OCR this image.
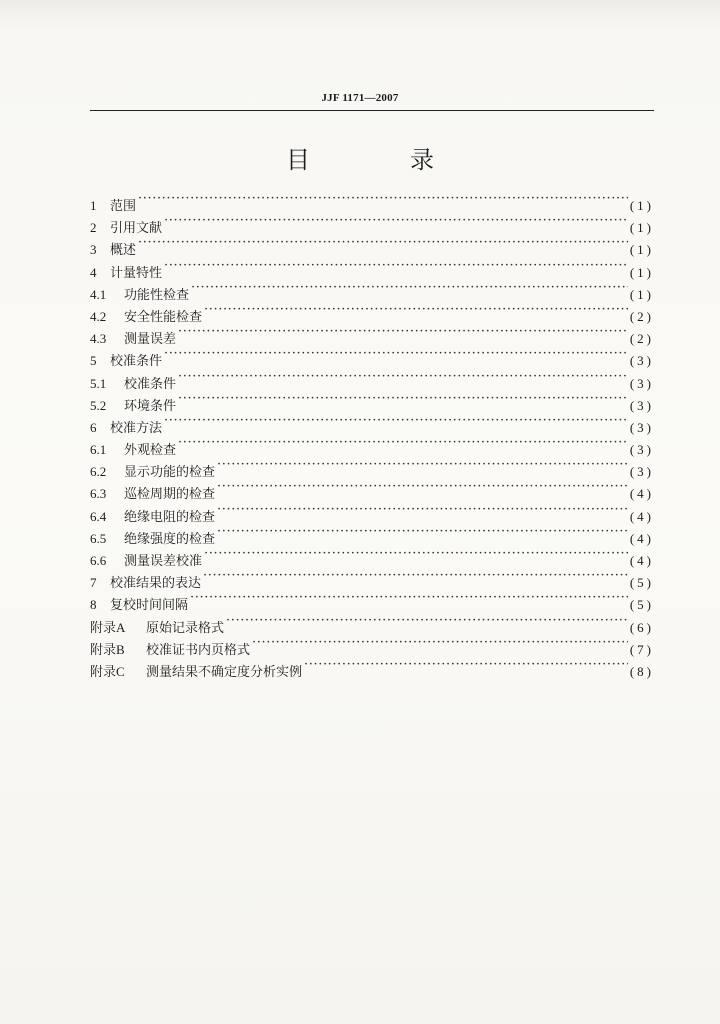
JJF 1171—2007
目　录
1	范围 ·····	(1)
2	引用文献 ·····	(1)
3	概述 ·····	(1)
4	计量特性 ·····	(1)
4.1	功能性检查 ·····	(1)
4.2	安全性能检查 ·····	(2)
4.3	测量误差 ·····	(2)
5	校准条件 ·····	(3)
5.1	校准条件 ·····	(3)
5.2	环境条件 ·····	(3)
6	校准方法 ·····	(3)
6.1	外观检查 ·····	(3)
6.2	显示功能的检查 ·····	(3)
6.3	巡检周期的检查 ·····	(4)
6.4	绝缘电阻的检查 ·····	(4)
6.5	绝缘强度的检查 ·····	(4)
6.6	测量误差校准 ·····	(4)
7	校准结果的表达 ·····	(5)
8	复校时间间隔 ·····	(5)
附录A	原始记录格式 ·····	(6)
附录B	校准证书内页格式 ·····	(7)
附录C	测量结果不确定度分析实例 ·····	(8)
